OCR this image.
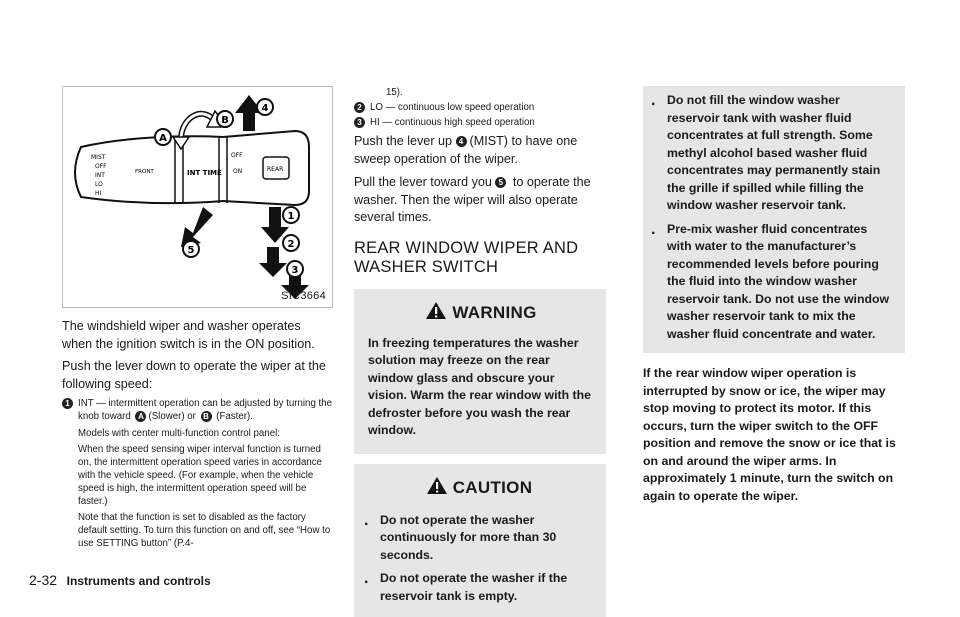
MIST
OFF
INT
LO
HI
FRONT	INT TIME
OFF
ON	REAR
A
B
1
2
3
4
5
SIC3664

The windshield wiper and washer operates when the ignition switch is in the ON position.

Push the lever down to operate the wiper at the following speed:

1 INT — intermittent operation can be adjusted by turning the knob toward A (Slower) or B (Faster).

Models with center multi-function control panel:

When the speed sensing wiper interval function is turned on, the intermittent operation speed varies in accordance with the vehicle speed. (For example, when the vehicle speed is high, the intermittent operation speed will be faster.)

Note that the function is set to disabled as the factory default setting. To turn this function on and off, see “How to use SETTING button” (P.4-

15).

2 LO — continuous low speed operation
3 HI — continuous high speed operation

Push the lever up 4 (MIST) to have one sweep operation of the wiper.

Pull the lever toward you 5 to operate the washer. Then the wiper will also operate several times.

REAR WINDOW WIPER AND WASHER SWITCH
WARNING

In freezing temperatures the washer solution may freeze on the rear window glass and obscure your vision. Warm the rear window with the defroster before you wash the rear window.

CAUTION
. Do not operate the washer continuously for more than 30 seconds.
. Do not operate the washer if the reservoir tank is empty.
. Do not fill the window washer reservoir tank with washer fluid concentrates at full strength. Some methyl alcohol based washer fluid concentrates may permanently stain the grille if spilled while filling the window washer reservoir tank.
. Pre-mix washer fluid concentrates with water to the manufacturer’s recommended levels before pouring the fluid into the window washer reservoir tank. Do not use the window washer reservoir tank to mix the washer fluid concentrate and water.

If the rear window wiper operation is interrupted by snow or ice, the wiper may stop moving to protect its motor. If this occurs, turn the wiper switch to the OFF position and remove the snow or ice that is on and around the wiper arms. In approximately 1 minute, turn the switch on again to operate the wiper.

2-32 Instruments and controls
